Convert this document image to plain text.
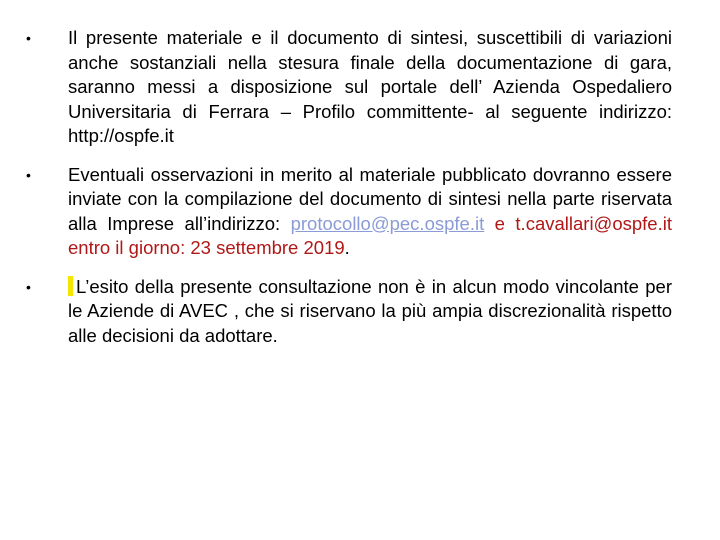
•	Il presente materiale e il documento di sintesi, suscettibili di variazioni anche sostanziali nella stesura finale della documentazione di gara, saranno messi a disposizione sul portale dell’ Azienda Ospedaliero Universitaria di Ferrara – Profilo committente- al seguente indirizzo: http://ospfe.it
•	Eventuali osservazioni in merito al materiale pubblicato dovranno essere inviate con la compilazione del documento di sintesi nella parte riservata alla Imprese all’indirizzo: protocollo@pec.ospfe.it e t.cavallari@ospfe.it entro il giorno: 23 settembre 2019.
•	L’esito della presente consultazione non è in alcun modo vincolante per le Aziende di AVEC , che si riservano la più ampia discrezionalità rispetto alle decisioni da adottare.
